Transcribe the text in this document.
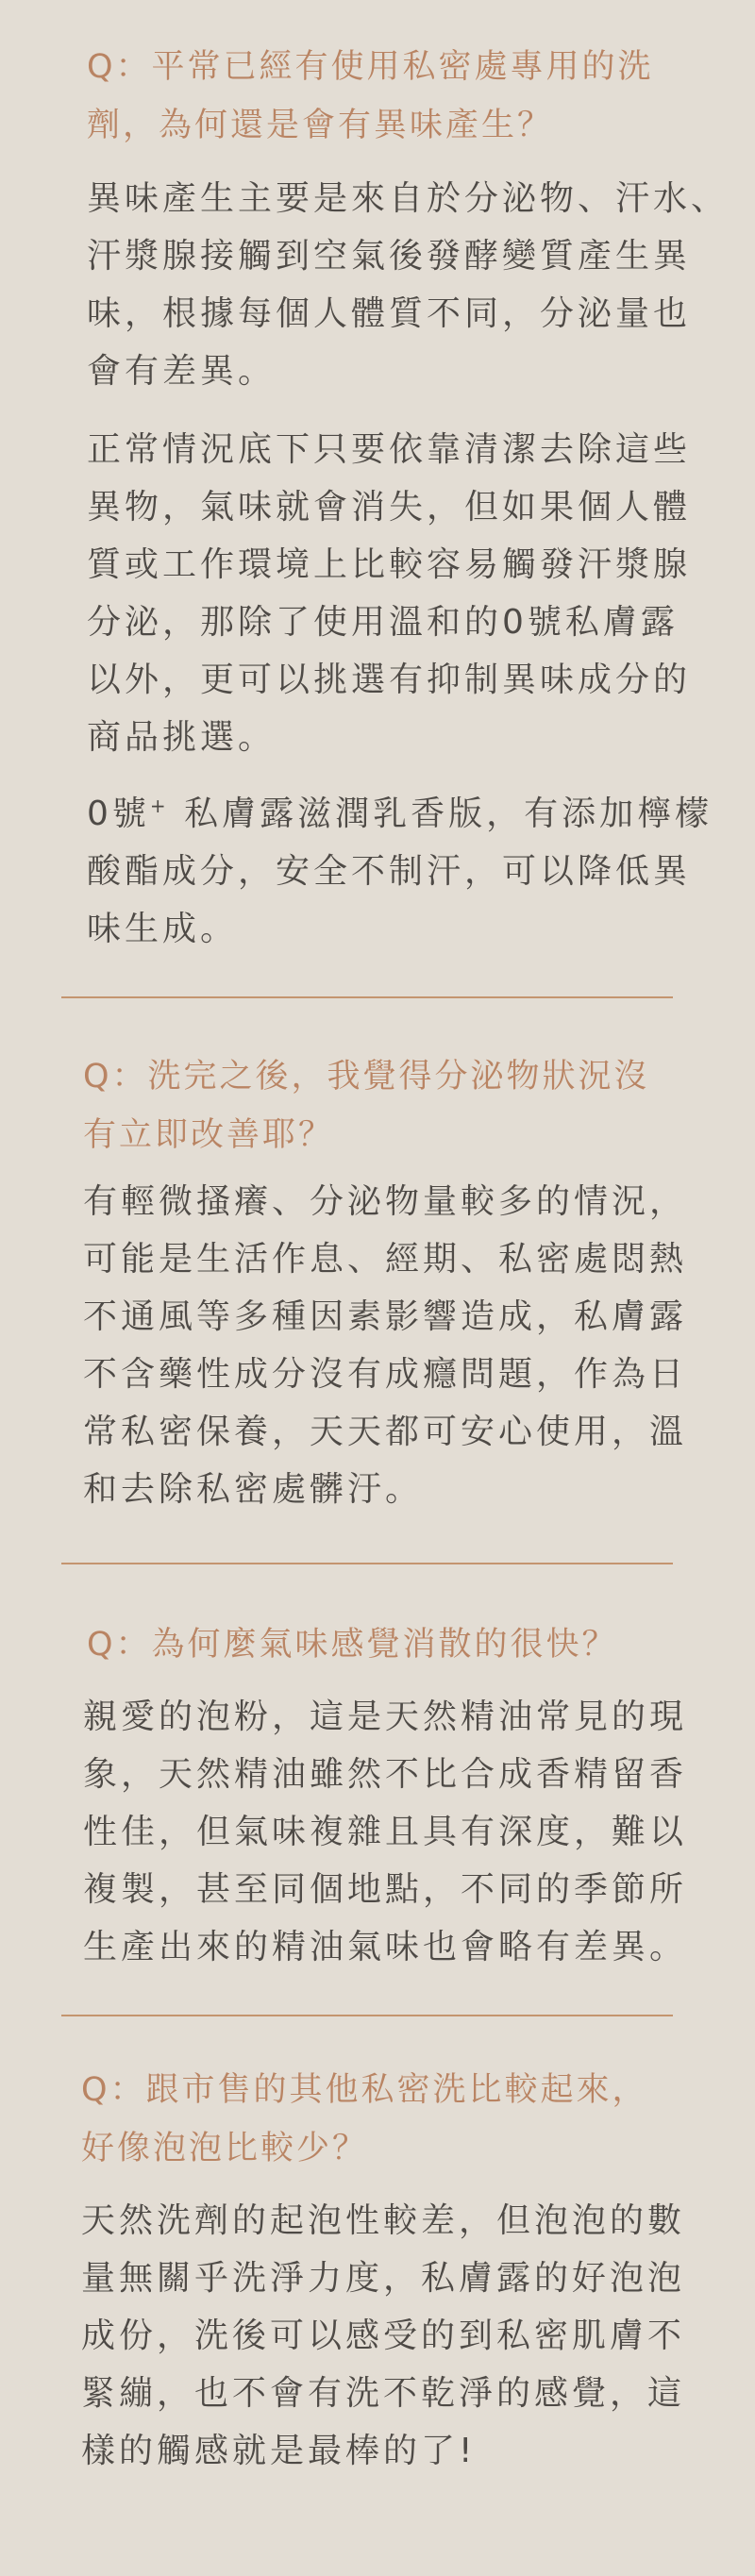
Q：平常已經有使用私密處專用的洗
劑，為何還是會有異味產生？

異味產生主要是來自於分泌物、汗水、
汗漿腺接觸到空氣後發酵變質產生異
味，根據每個人體質不同，分泌量也
會有差異。

正常情況底下只要依靠清潔去除這些
異物，氣味就會消失，但如果個人體
質或工作環境上比較容易觸發汗漿腺
分泌，那除了使用溫和的0號私膚露
以外，更可以挑選有抑制異味成分的
商品挑選。

0號+ 私膚露滋潤乳香版，有添加檸檬
酸酯成分，安全不制汗，可以降低異
味生成。

Q：洗完之後，我覺得分泌物狀況沒
有立即改善耶？

有輕微搔癢、分泌物量較多的情況，
可能是生活作息、經期、私密處悶熱
不通風等多種因素影響造成，私膚露
不含藥性成分沒有成癮問題，作為日
常私密保養，天天都可安心使用，溫
和去除私密處髒汙。

Q：為何麼氣味感覺消散的很快？

親愛的泡粉，這是天然精油常見的現
象，天然精油雖然不比合成香精留香
性佳，但氣味複雜且具有深度，難以
複製，甚至同個地點，不同的季節所
生產出來的精油氣味也會略有差異。

Q：跟市售的其他私密洗比較起來，
好像泡泡比較少？

天然洗劑的起泡性較差，但泡泡的數
量無關乎洗淨力度，私膚露的好泡泡
成份，洗後可以感受的到私密肌膚不
緊繃，也不會有洗不乾淨的感覺，這
樣的觸感就是最棒的了!
